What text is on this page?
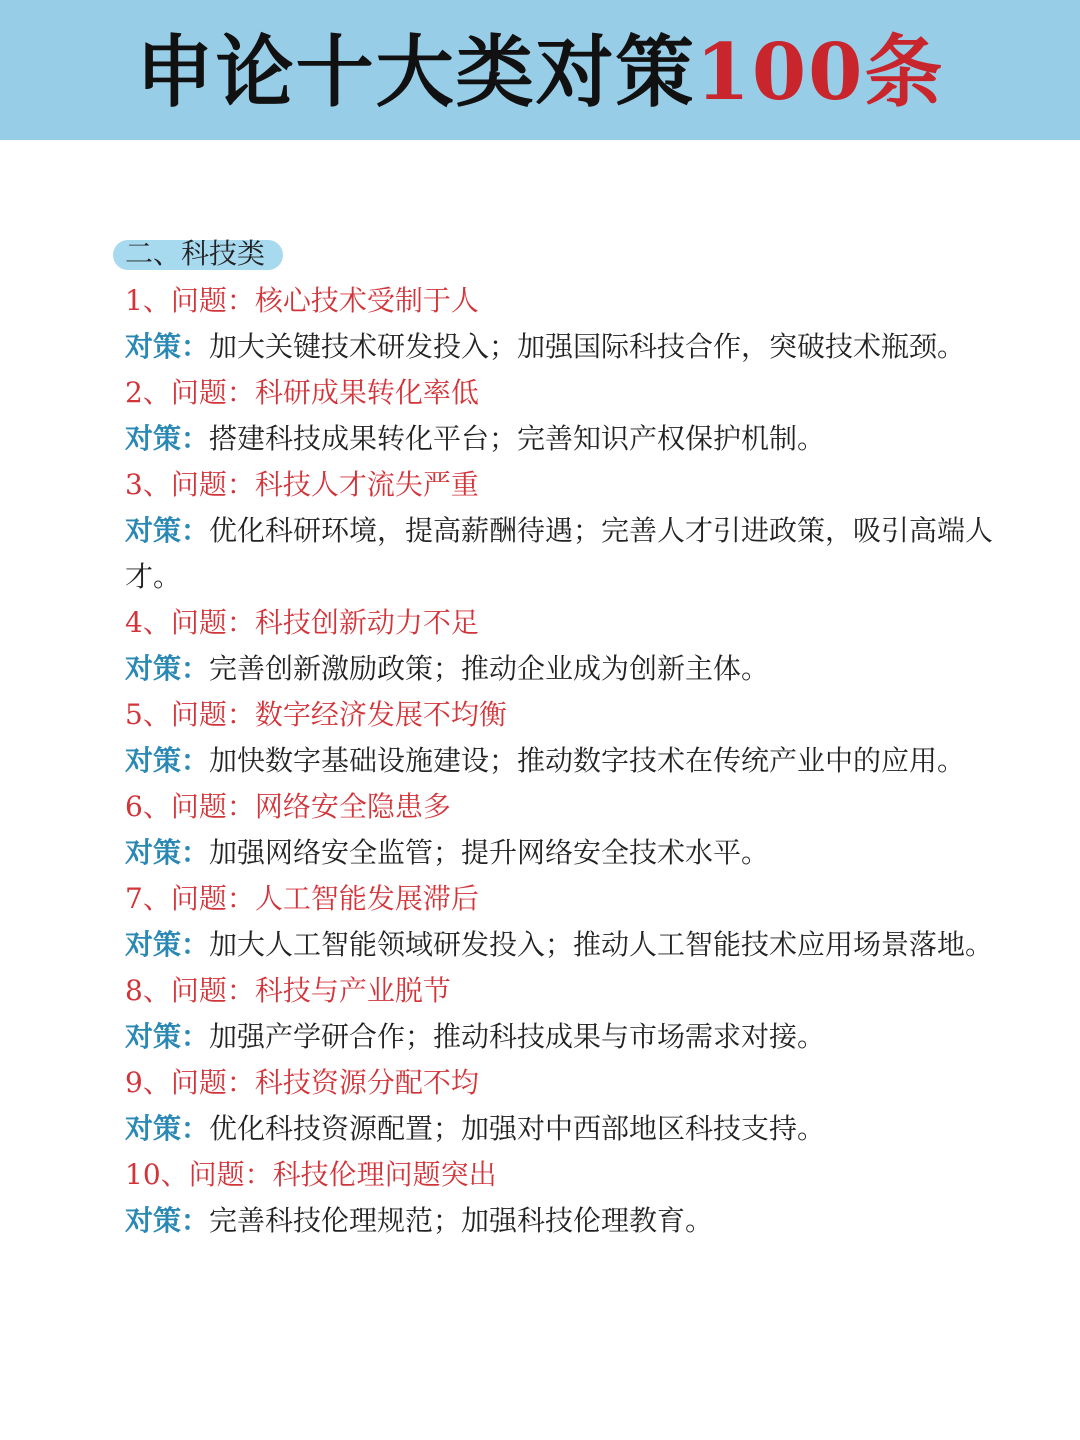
申论十大类对策100条
二、科技类
1、问题：核心技术受制于人
对策：加大关键技术研发投入；加强国际科技合作，突破技术瓶颈。
2、问题：科研成果转化率低
对策：搭建科技成果转化平台；完善知识产权保护机制。
3、问题：科技人才流失严重
对策：优化科研环境，提高薪酬待遇；完善人才引进政策，吸引高端人才。
4、问题：科技创新动力不足
对策：完善创新激励政策；推动企业成为创新主体。
5、问题：数字经济发展不均衡
对策：加快数字基础设施建设；推动数字技术在传统产业中的应用。
6、问题：网络安全隐患多
对策：加强网络安全监管；提升网络安全技术水平。
7、问题：人工智能发展滞后
对策：加大人工智能领域研发投入；推动人工智能技术应用场景落地。
8、问题：科技与产业脱节
对策：加强产学研合作；推动科技成果与市场需求对接。
9、问题：科技资源分配不均
对策：优化科技资源配置；加强对中西部地区科技支持。
10、问题：科技伦理问题突出
对策：完善科技伦理规范；加强科技伦理教育。
